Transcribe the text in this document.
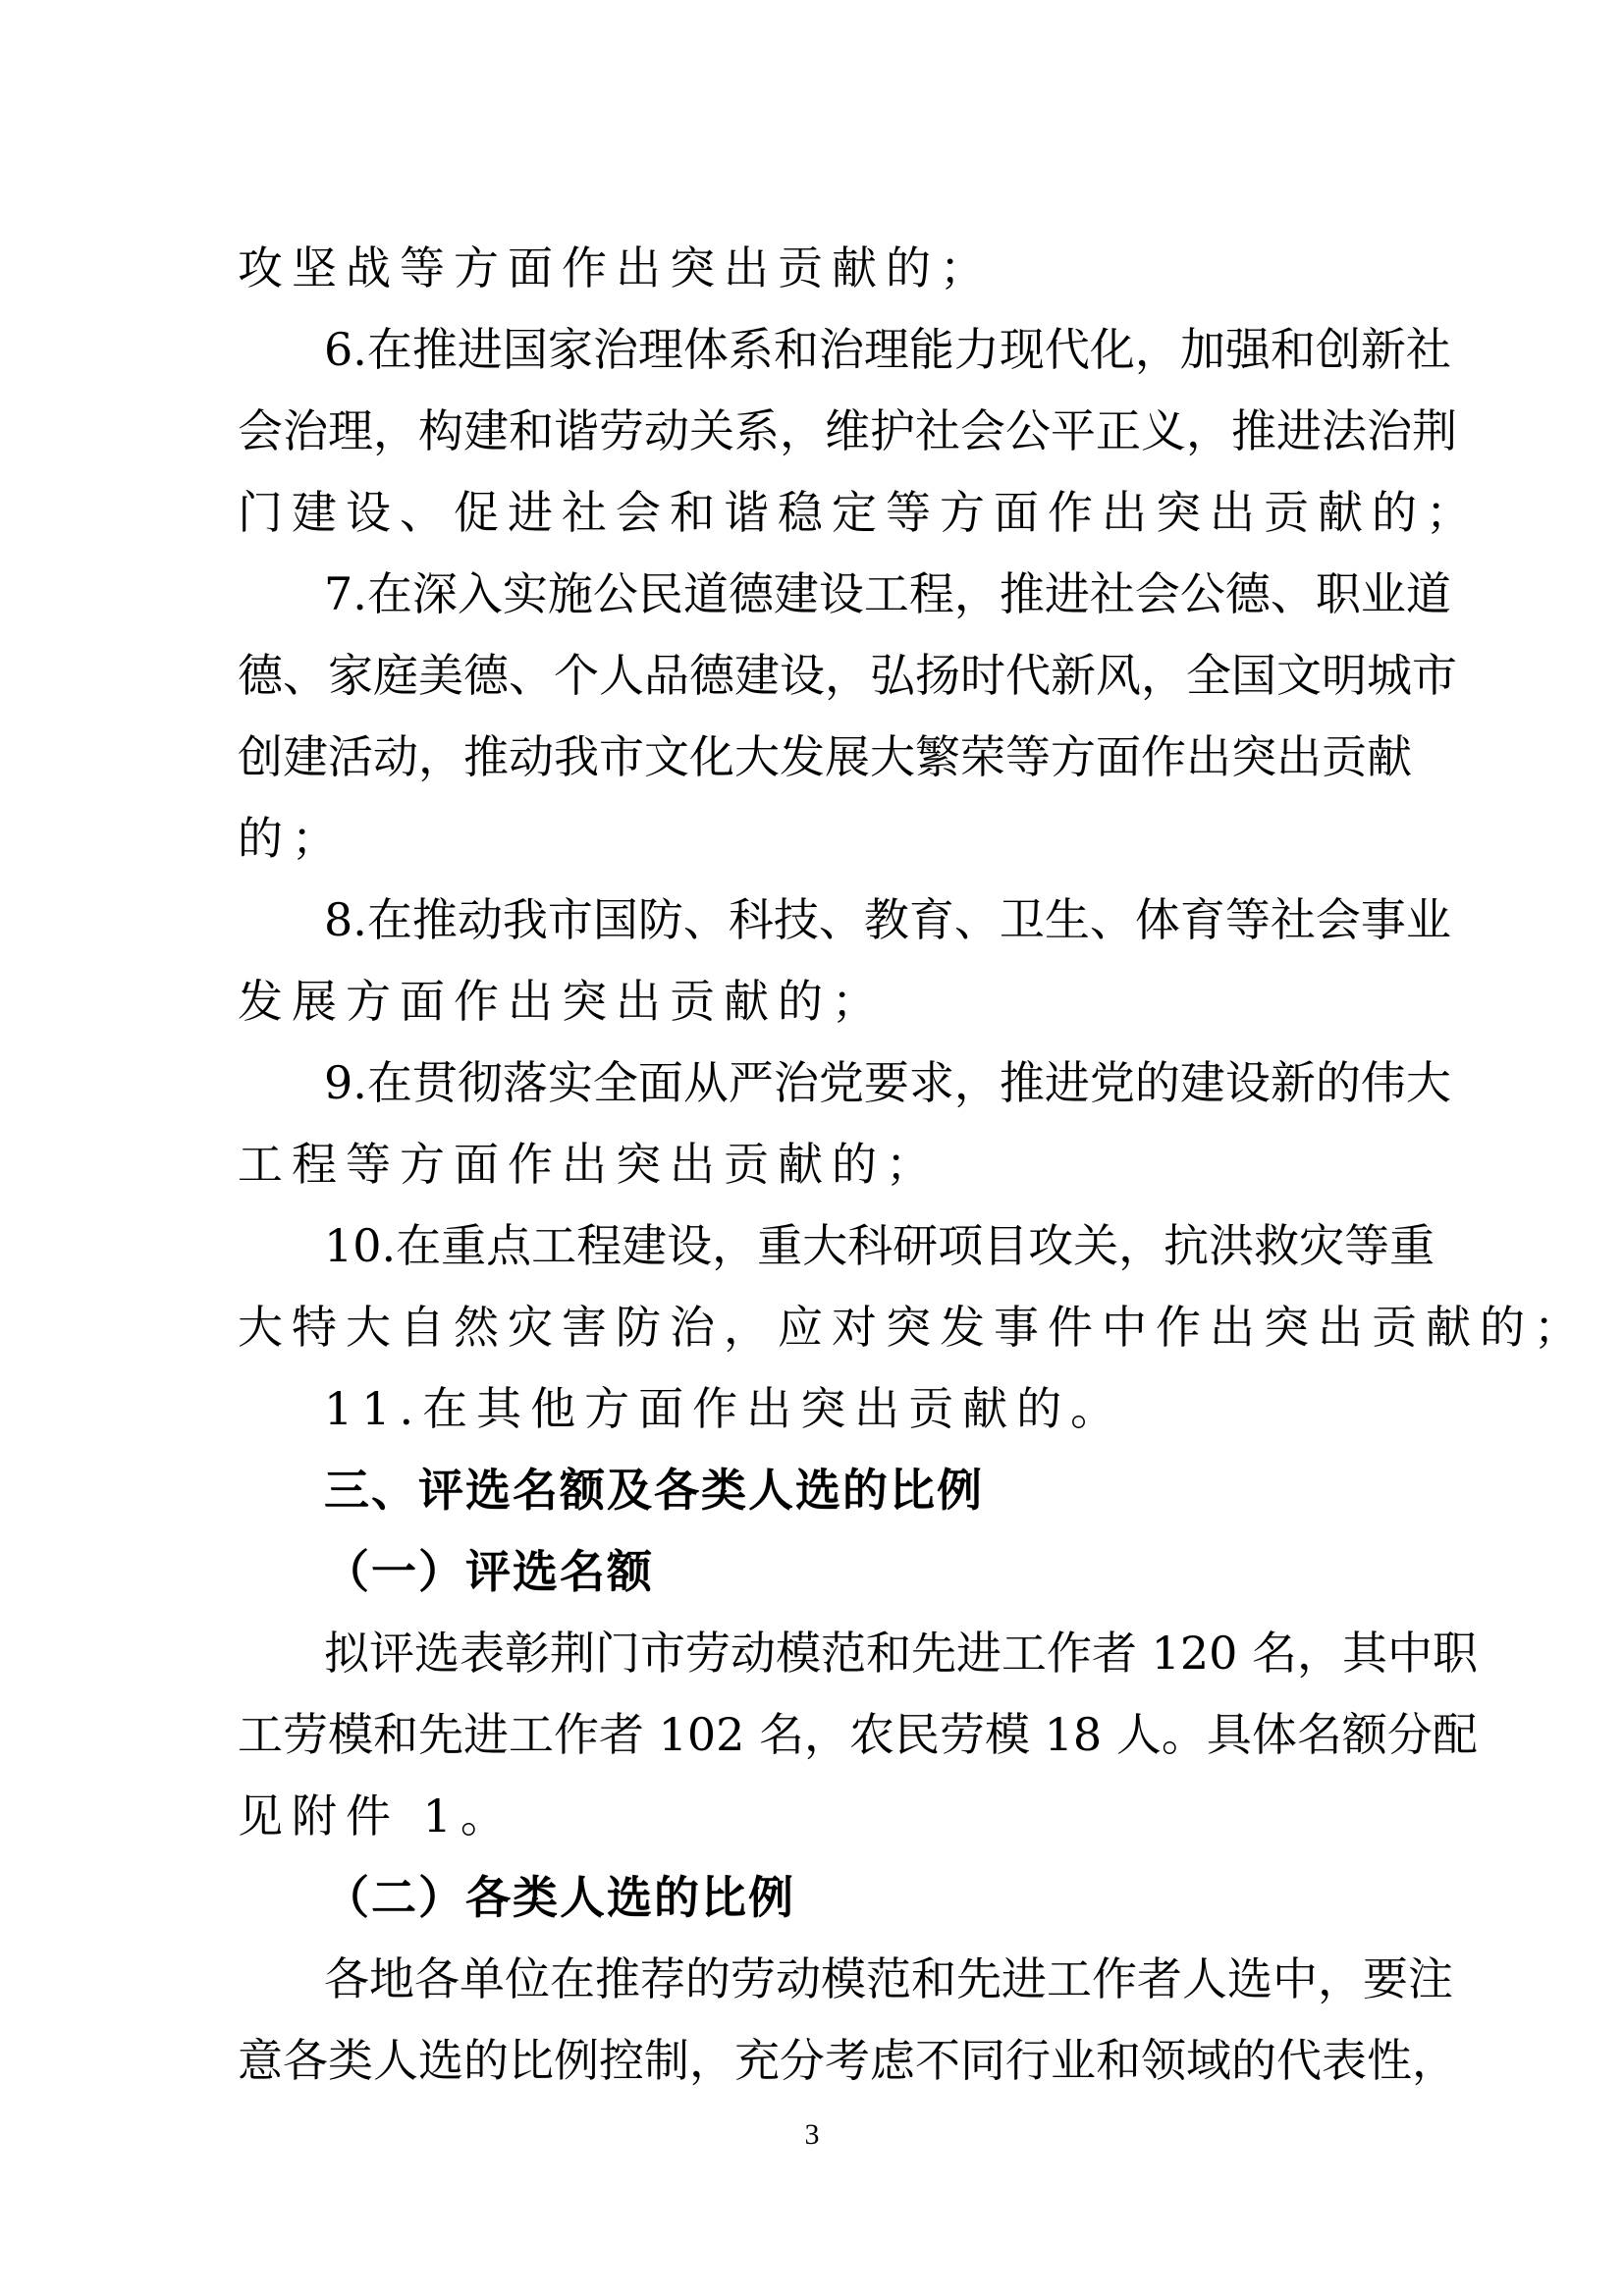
攻坚战等方面作出突出贡献的；
6.在推进国家治理体系和治理能力现代化，加强和创新社
会治理，构建和谐劳动关系，维护社会公平正义，推进法治荆
门建设、促进社会和谐稳定等方面作出突出贡献的；
7.在深入实施公民道德建设工程，推进社会公德、职业道
德、家庭美德、个人品德建设，弘扬时代新风，全国文明城市
创建活动，推动我市文化大发展大繁荣等方面作出突出贡献
的；
8.在推动我市国防、科技、教育、卫生、体育等社会事业
发展方面作出突出贡献的；
9.在贯彻落实全面从严治党要求，推进党的建设新的伟大
工程等方面作出突出贡献的；
10.在重点工程建设，重大科研项目攻关，抗洪救灾等重
大特大自然灾害防治，应对突发事件中作出突出贡献的；
11.在其他方面作出突出贡献的。
三、评选名额及各类人选的比例
（一）评选名额
拟评选表彰荆门市劳动模范和先进工作者 120 名，其中职
工劳模和先进工作者 102 名，农民劳模 18 人。具体名额分配
见附件 1。
（二）各类人选的比例
各地各单位在推荐的劳动模范和先进工作者人选中，要注
意各类人选的比例控制，充分考虑不同行业和领域的代表性，
3
